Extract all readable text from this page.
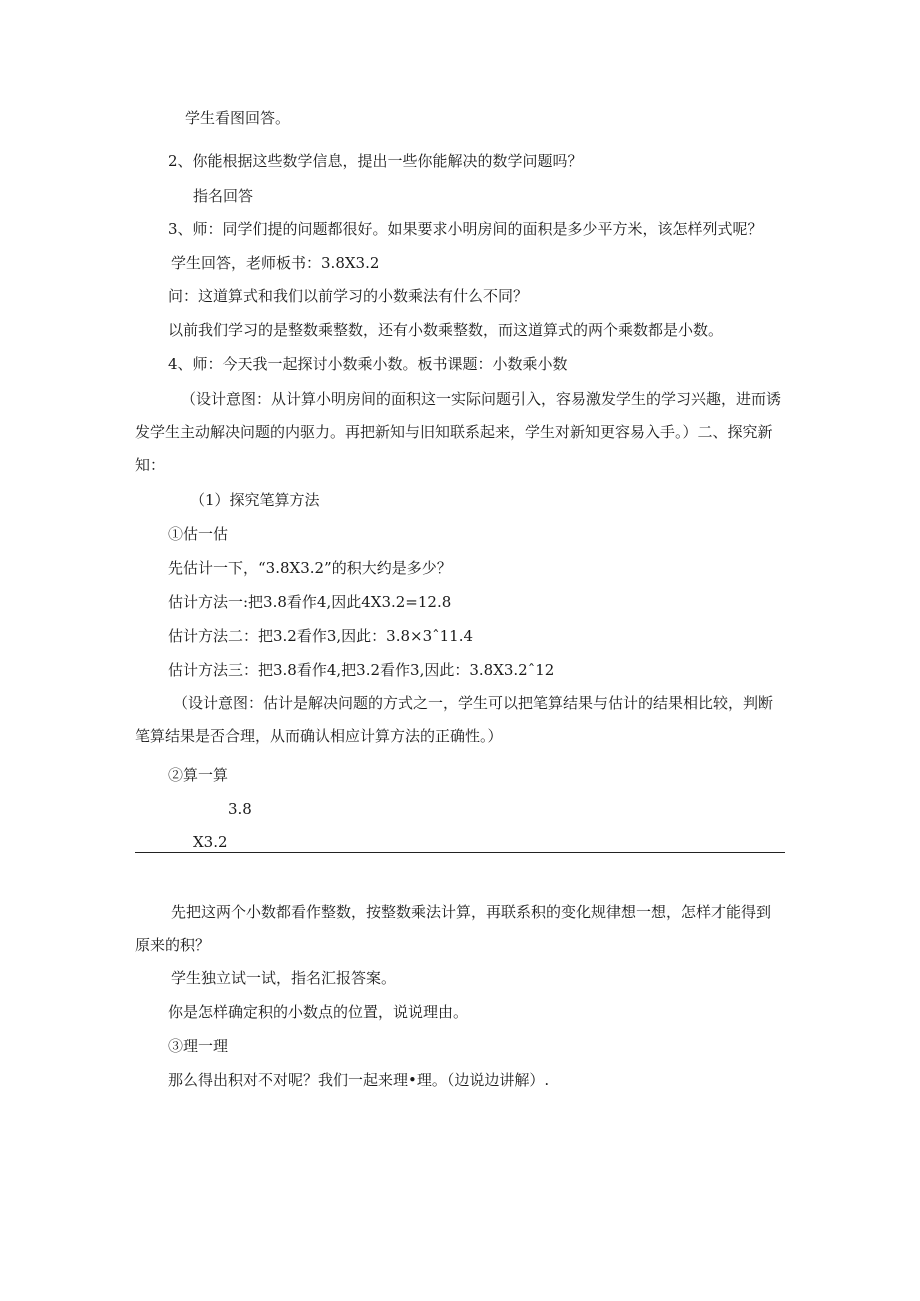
学生看图回答。
2、你能根据这些数学信息，提出一些你能解决的数学问题吗？
指名回答
3、师：同学们提的问题都很好。如果要求小明房间的面积是多少平方米，该怎样列式呢？
学生回答，老师板书：3.8X3.2
问：这道算式和我们以前学习的小数乘法有什么不同？
以前我们学习的是整数乘整数，还有小数乘整数，而这道算式的两个乘数都是小数。
4、师：今天我一起探讨小数乘小数。板书课题：小数乘小数
（设计意图：从计算小明房间的面积这一实际问题引入，容易激发学生的学习兴趣，进而诱发学生主动解决问题的内驱力。再把新知与旧知联系起来，学生对新知更容易入手。）二、探究新知：
（1）探究笔算方法
①估一估
先估计一下，“3.8X3.2”的积大约是多少？
估计方法一:把3.8看作4,因此4X3.2=12.8
估计方法二：把3.2看作3,因此：3.8×3ˆ11.4
估计方法三：把3.8看作4,把3.2看作3,因此：3.8X3.2ˆ12
（设计意图：估计是解决问题的方式之一，学生可以把笔算结果与估计的结果相比较，判断笔算结果是否合理，从而确认相应计算方法的正确性。）
②算一算
3.8
X3.2
先把这两个小数都看作整数，按整数乘法计算，再联系积的变化规律想一想，怎样才能得到原来的积？
学生独立试一试，指名汇报答案。
你是怎样确定积的小数点的位置，说说理由。
③理一理
那么得出积对不对呢？我们一起来理•理。（边说边讲解）.
